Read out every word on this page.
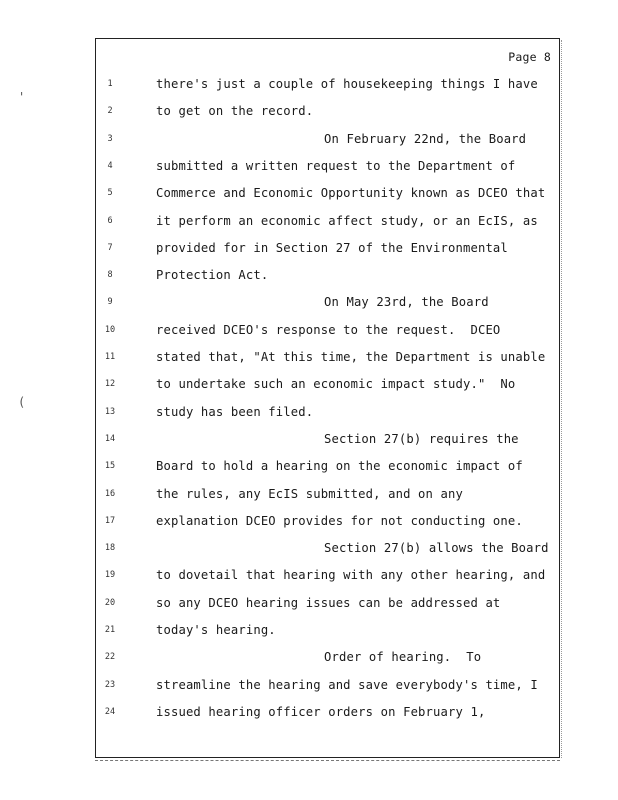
'
(
Page 8
1	there's just a couple of housekeeping things I have
2	to get on the record.
3	On February 22nd, the Board
4	submitted a written request to the Department of
5	Commerce and Economic Opportunity known as DCEO that
6	it perform an economic affect study, or an EcIS, as
7	provided for in Section 27 of the Environmental
8	Protection Act.
9	On May 23rd, the Board
10	received DCEO's response to the request.  DCEO
11	stated that, "At this time, the Department is unable
12	to undertake such an economic impact study."  No
13	study has been filed.
14	Section 27(b) requires the
15	Board to hold a hearing on the economic impact of
16	the rules, any EcIS submitted, and on any
17	explanation DCEO provides for not conducting one.
18	Section 27(b) allows the Board
19	to dovetail that hearing with any other hearing, and
20	so any DCEO hearing issues can be addressed at
21	today's hearing.
22	Order of hearing.  To
23	streamline the hearing and save everybody's time, I
24	issued hearing officer orders on February 1,
